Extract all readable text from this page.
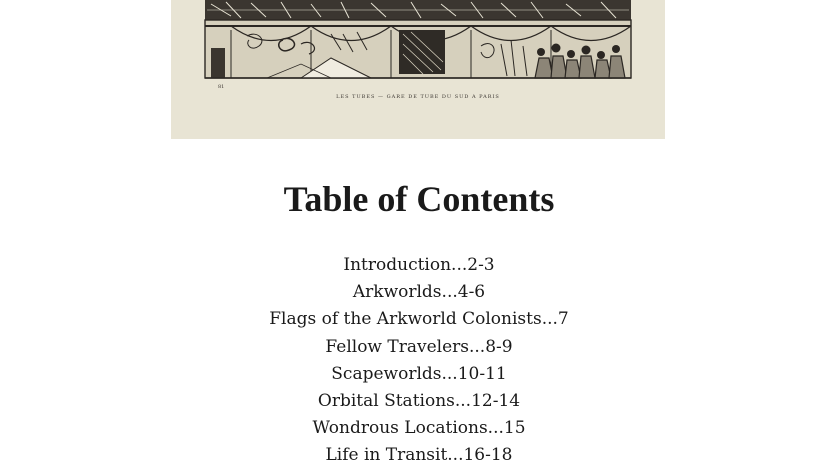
81
LES TUBES — GARE DE TUBE DU SUD A PARIS
Table of Contents
Introduction...2-3
Arkworlds...4-6
Flags of the Arkworld Colonists...7
Fellow Travelers...8-9
Scapeworlds...10-11
Orbital Stations...12-14
Wondrous Locations...15
Life in Transit...16-18
